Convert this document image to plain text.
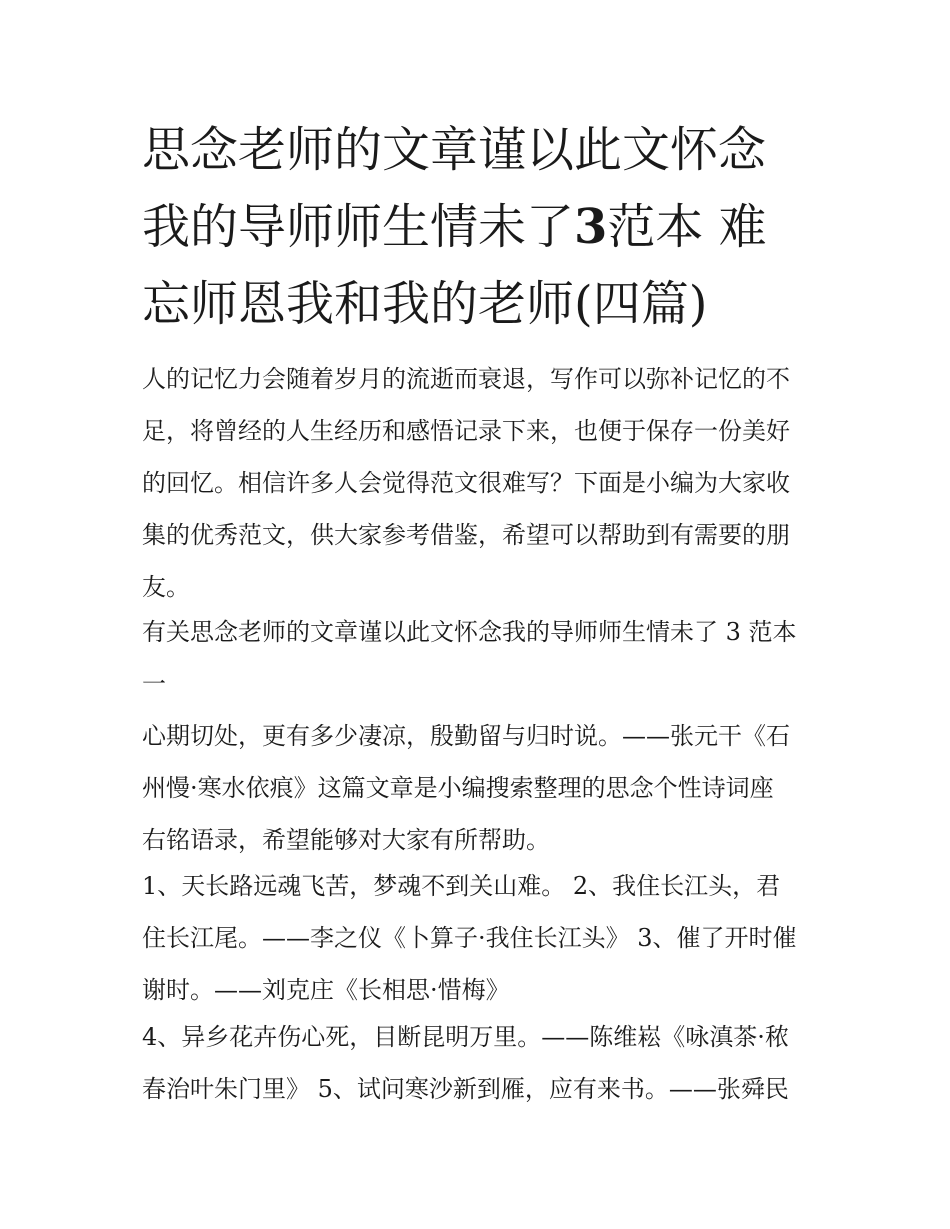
思念老师的文章谨以此文怀念
我的导师师生情未了3范本 难
忘师恩我和我的老师(四篇)

人的记忆力会随着岁月的流逝而衰退，写作可以弥补记忆的不
足，将曾经的人生经历和感悟记录下来，也便于保存一份美好
的回忆。相信许多人会觉得范文很难写？下面是小编为大家收
集的优秀范文，供大家参考借鉴，希望可以帮助到有需要的朋
友。

有关思念老师的文章谨以此文怀念我的导师师生情未了 3 范本
一

心期切处，更有多少凄凉，殷勤留与归时说。——张元干《石
州慢·寒水依痕》这篇文章是小编搜索整理的思念个性诗词座
右铭语录，希望能够对大家有所帮助。

1、天长路远魂飞苦，梦魂不到关山难。 2、我住长江头，君
住长江尾。——李之仪《卜算子·我住长江头》 3、催了开时催
谢时。——刘克庄《长相思·惜梅》

4、异乡花卉伤心死，目断昆明万里。——陈维崧《咏滇茶·秾
春治叶朱门里》 5、试问寒沙新到雁，应有来书。——张舜民
